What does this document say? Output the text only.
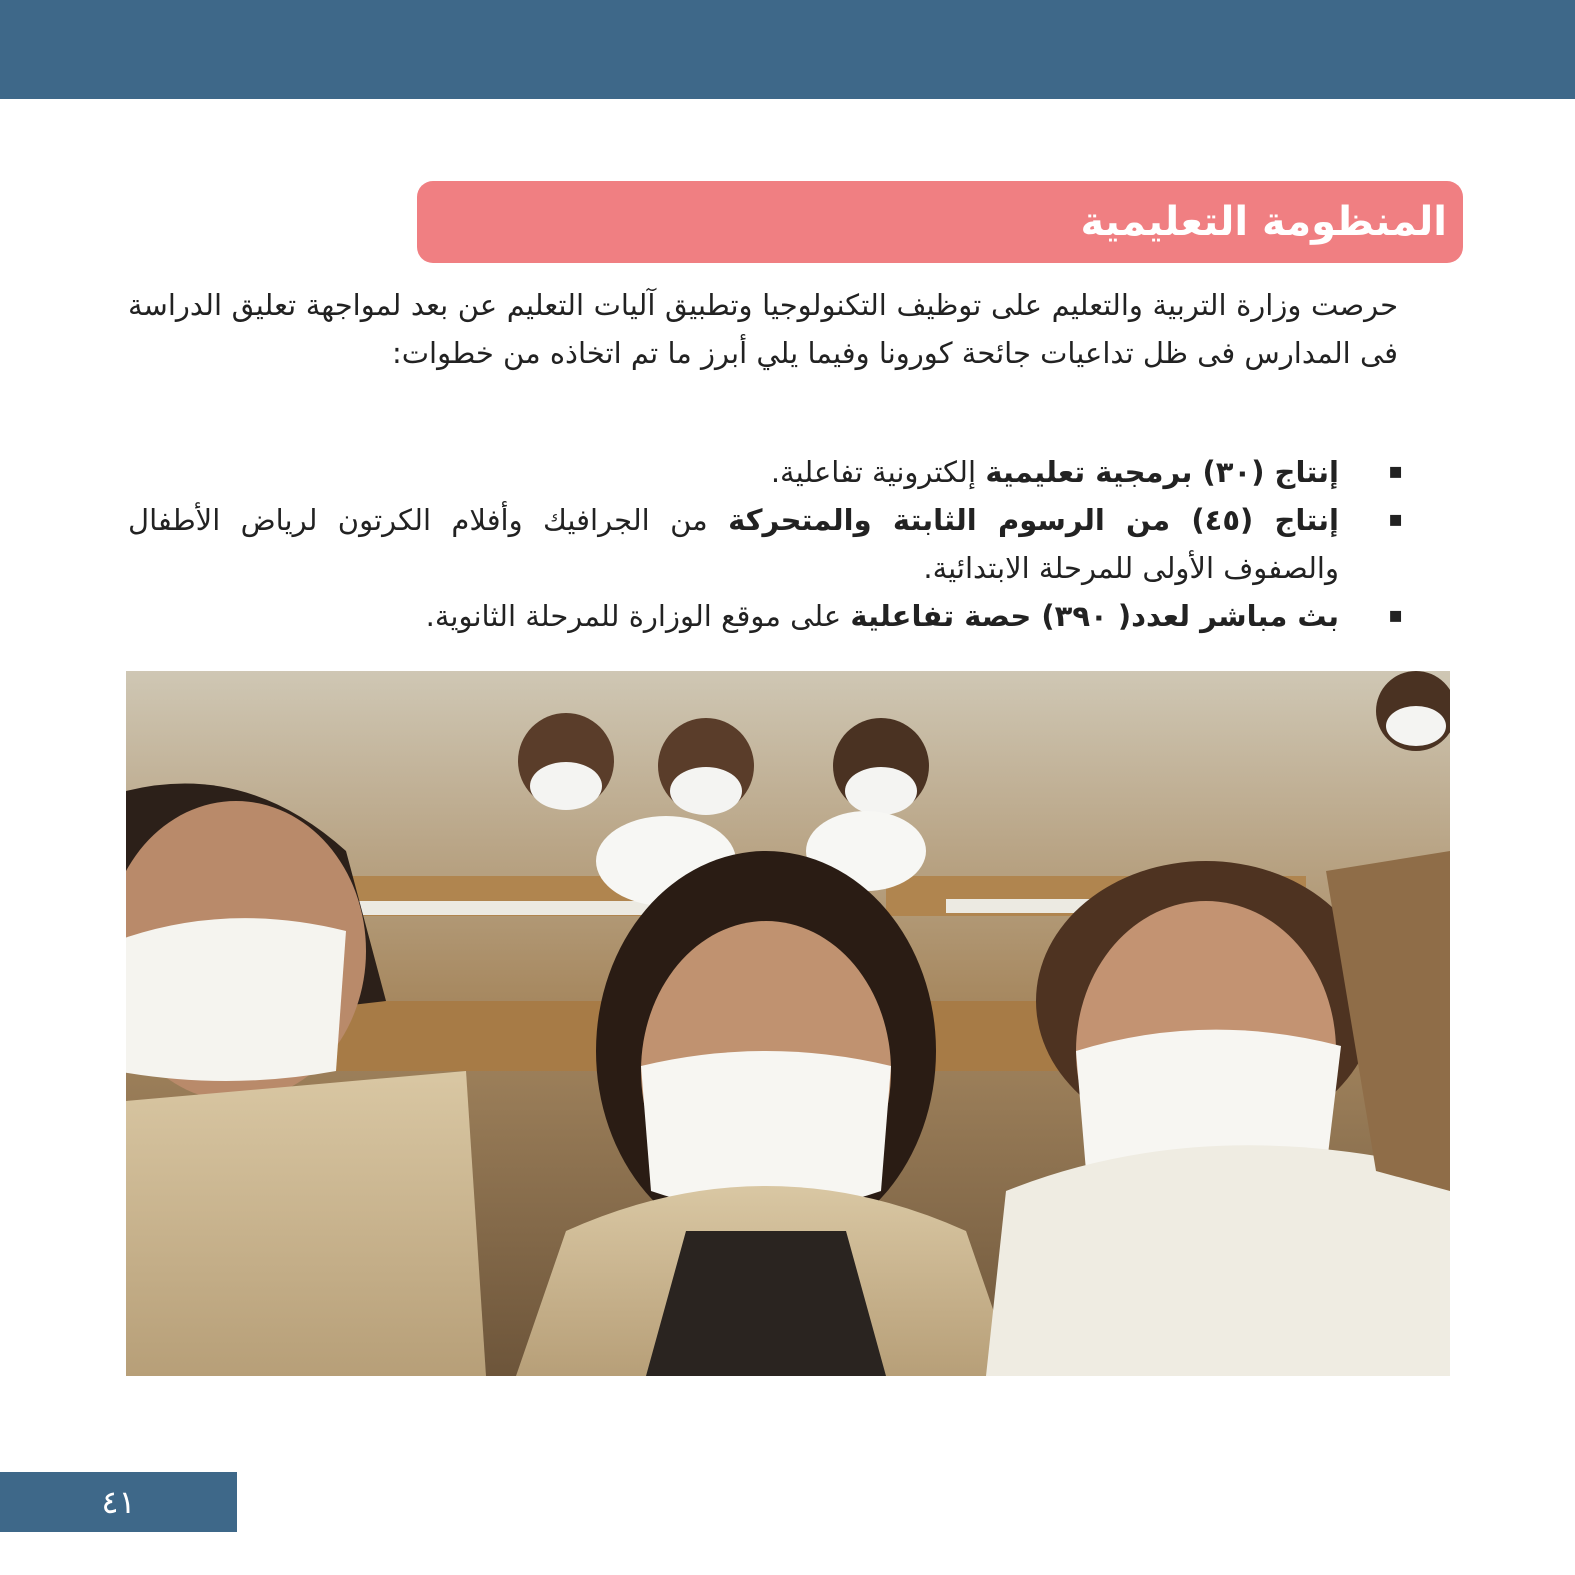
المنظومة التعليمية

حرصت وزارة التربية والتعليم على توظيف التكنولوجيا وتطبيق آليات التعليم عن بعد لمواجهة تعليق الدراسة فى المدارس فى ظل تداعيات جائحة كورونا وفيما يلي أبرز ما تم اتخاذه من خطوات:

▪
إنتاج (٣٠) برمجية تعليمية إلكترونية تفاعلية.
▪
إنتاج (٤٥) من الرسوم الثابتة والمتحركة من الجرافيك وأفلام الكرتون لرياض الأطفال والصفوف الأولى للمرحلة الابتدائية.
▪
بث مباشر لعدد( ٣٩٠) حصة تفاعلية على موقع الوزارة للمرحلة الثانوية.
٤١
